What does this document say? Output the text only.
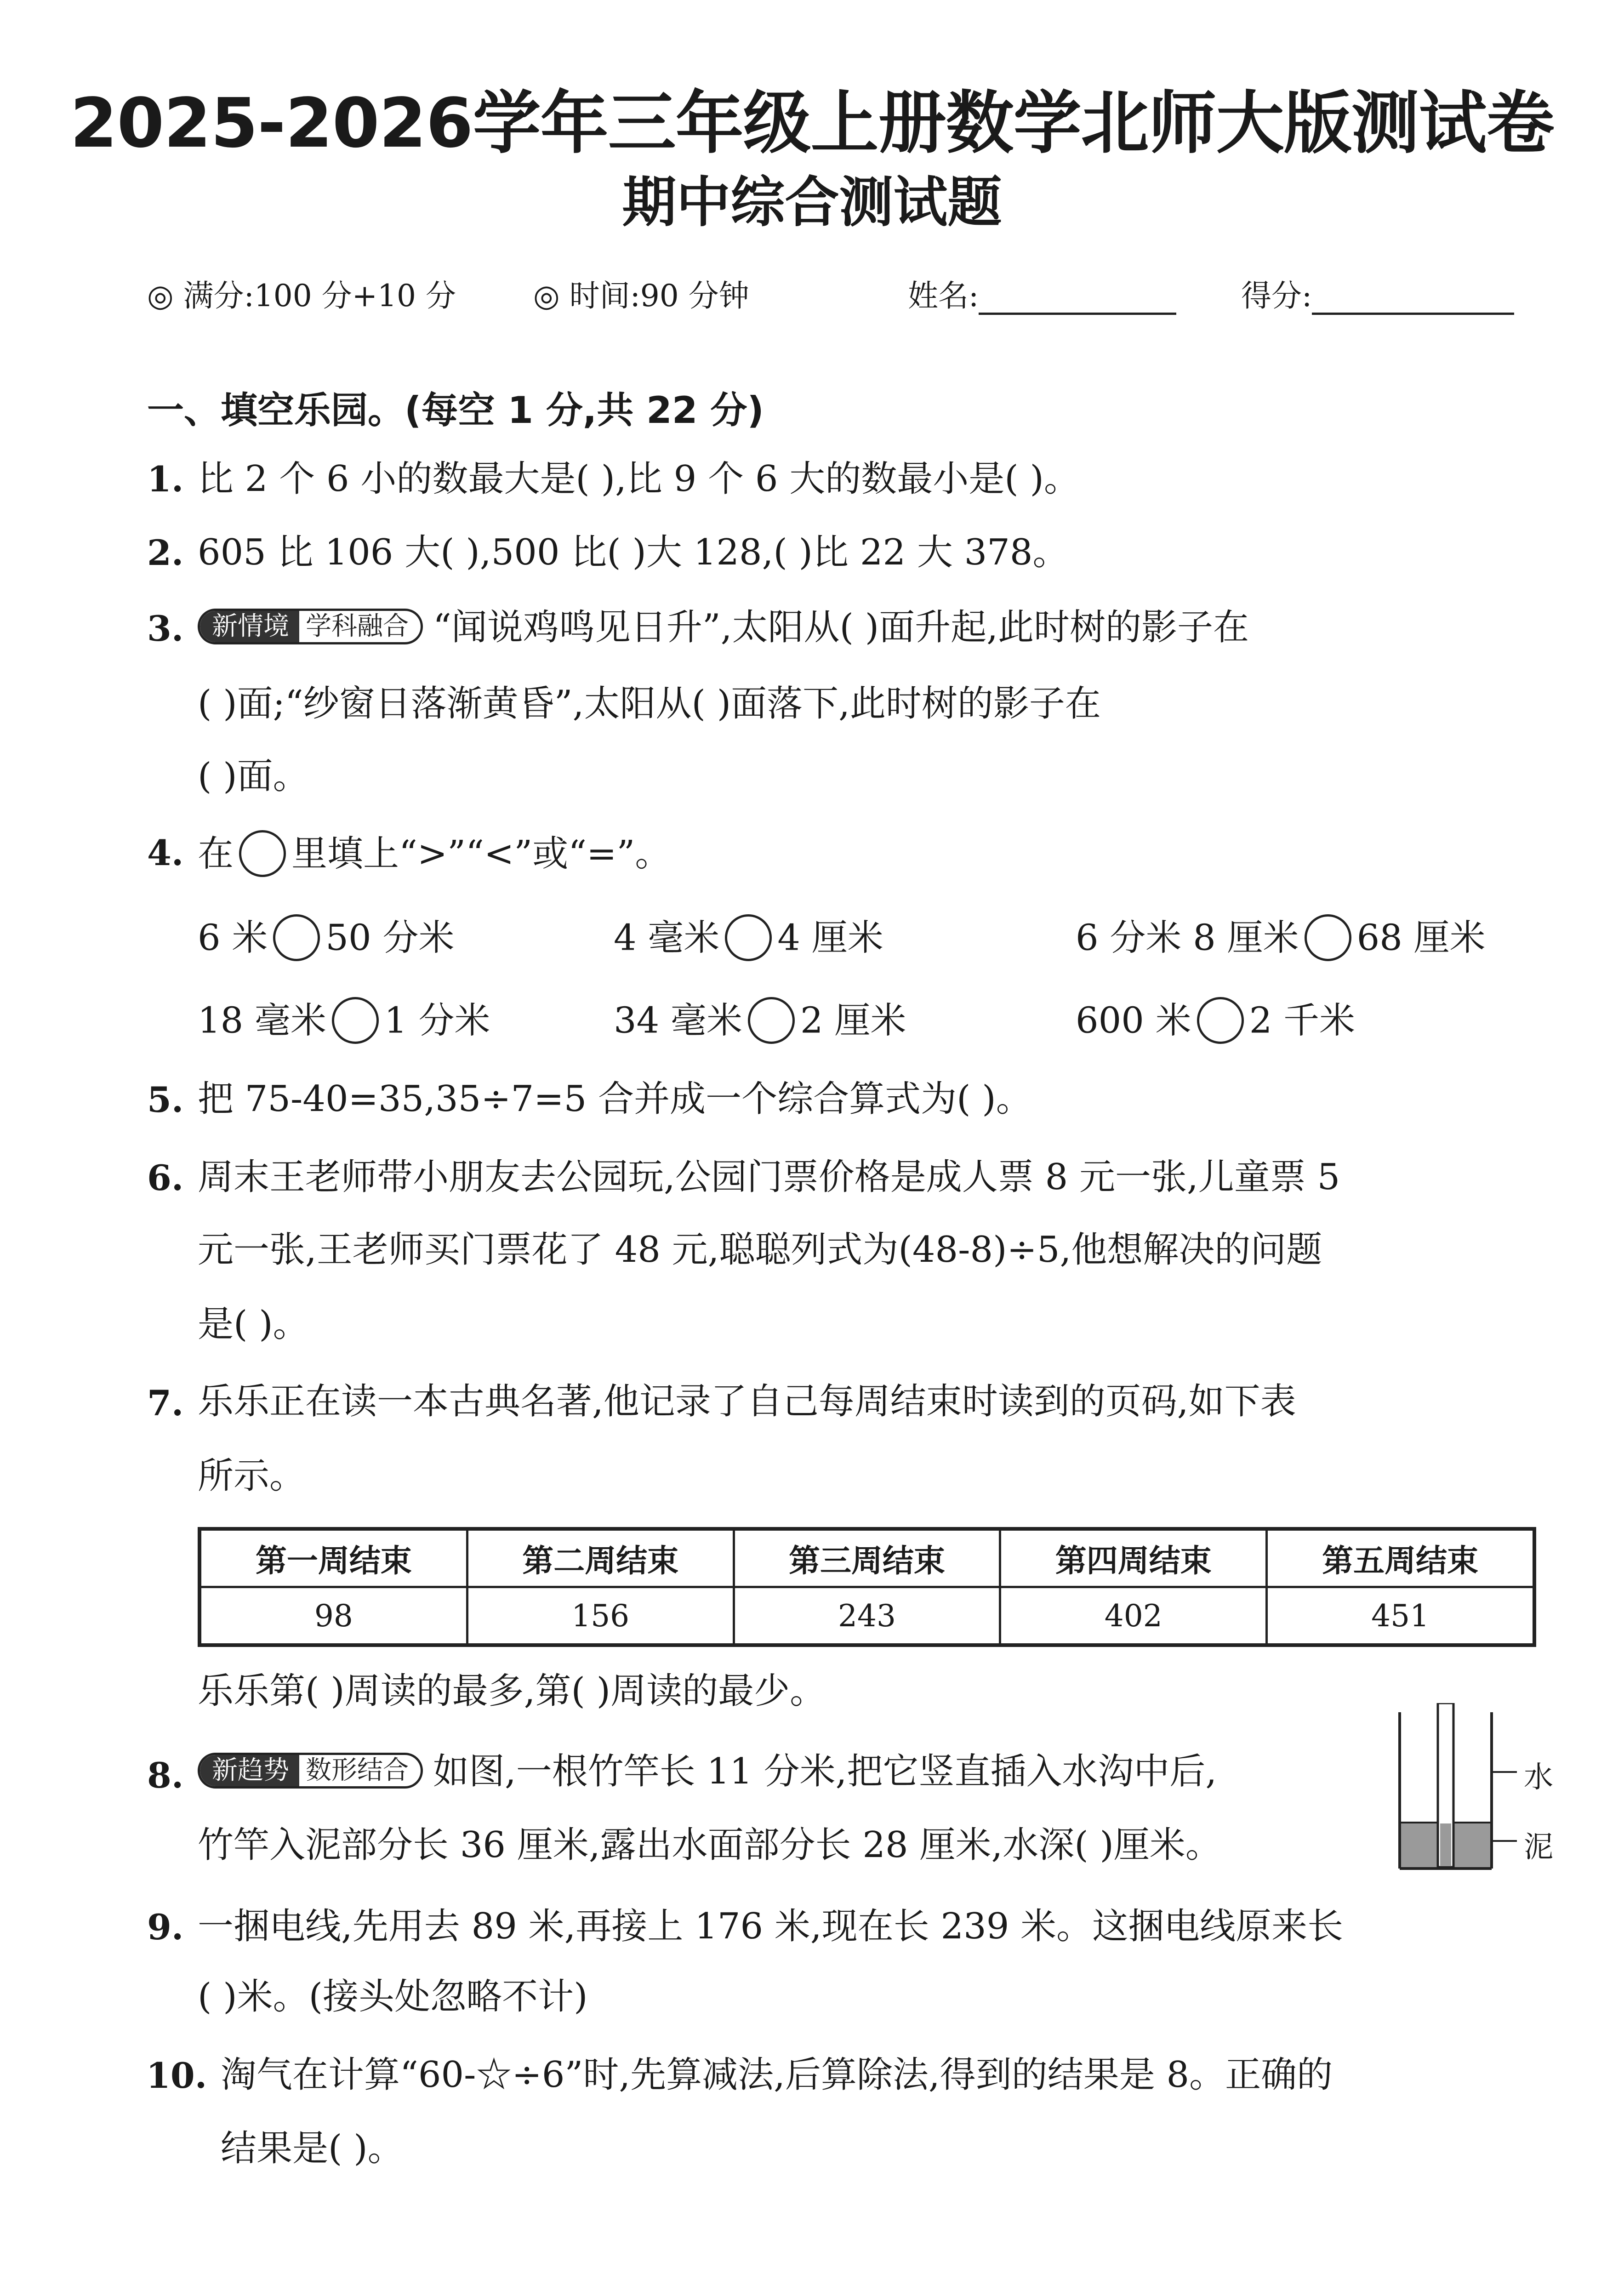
2025-2026学年三年级上册数学北师大版测试卷
期中综合测试题
◎ 满分:100 分+10 分	◎ 时间:90 分钟	姓名:	得分:
一、填空乐园。(每空 1 分,共 22 分)
1. 比 2 个 6 小的数最大是( ),比 9 个 6 大的数最小是( )。
2. 605 比 106 大( ),500 比( )大 128,( )比 22 大 378。
3.	新情境 学科融合 “闻说鸡鸣见日升”,太阳从( )面升起,此时树的影子在
( )面;“纱窗日落渐黄昏”,太阳从( )面落下,此时树的影子在
( )面。
4. 在 里填上“>”“<”或“=”。
6 米 50 分米	4 毫米 4 厘米	6 分米 8 厘米 68 厘米
18 毫米 1 分米	34 毫米 2 厘米	600 米 2 千米
5. 把 75-40=35,35÷7=5 合并成一个综合算式为( )。
6. 周末王老师带小朋友去公园玩,公园门票价格是成人票 8 元一张,儿童票 5
元一张,王老师买门票花了 48 元,聪聪列式为(48-8)÷5,他想解决的问题
是( )。
7. 乐乐正在读一本古典名著,他记录了自己每周结束时读到的页码,如下表
所示。
第一周结束	第二周结束	第三周结束	第四周结束	第五周结束
98	156	243	402	451
乐乐第( )周读的最多,第( )周读的最少。
8.	新趋势 数形结合 如图,一根竹竿长 11 分米,把它竖直插入水沟中后,
竹竿入泥部分长 36 厘米,露出水面部分长 28 厘米,水深( )厘米。
水
泥
9. 一捆电线,先用去 89 米,再接上 176 米,现在长 239 米。这捆电线原来长
( )米。(接头处忽略不计)
10. 淘气在计算“60-☆÷6”时,先算减法,后算除法,得到的结果是 8。正确的
结果是( )。
